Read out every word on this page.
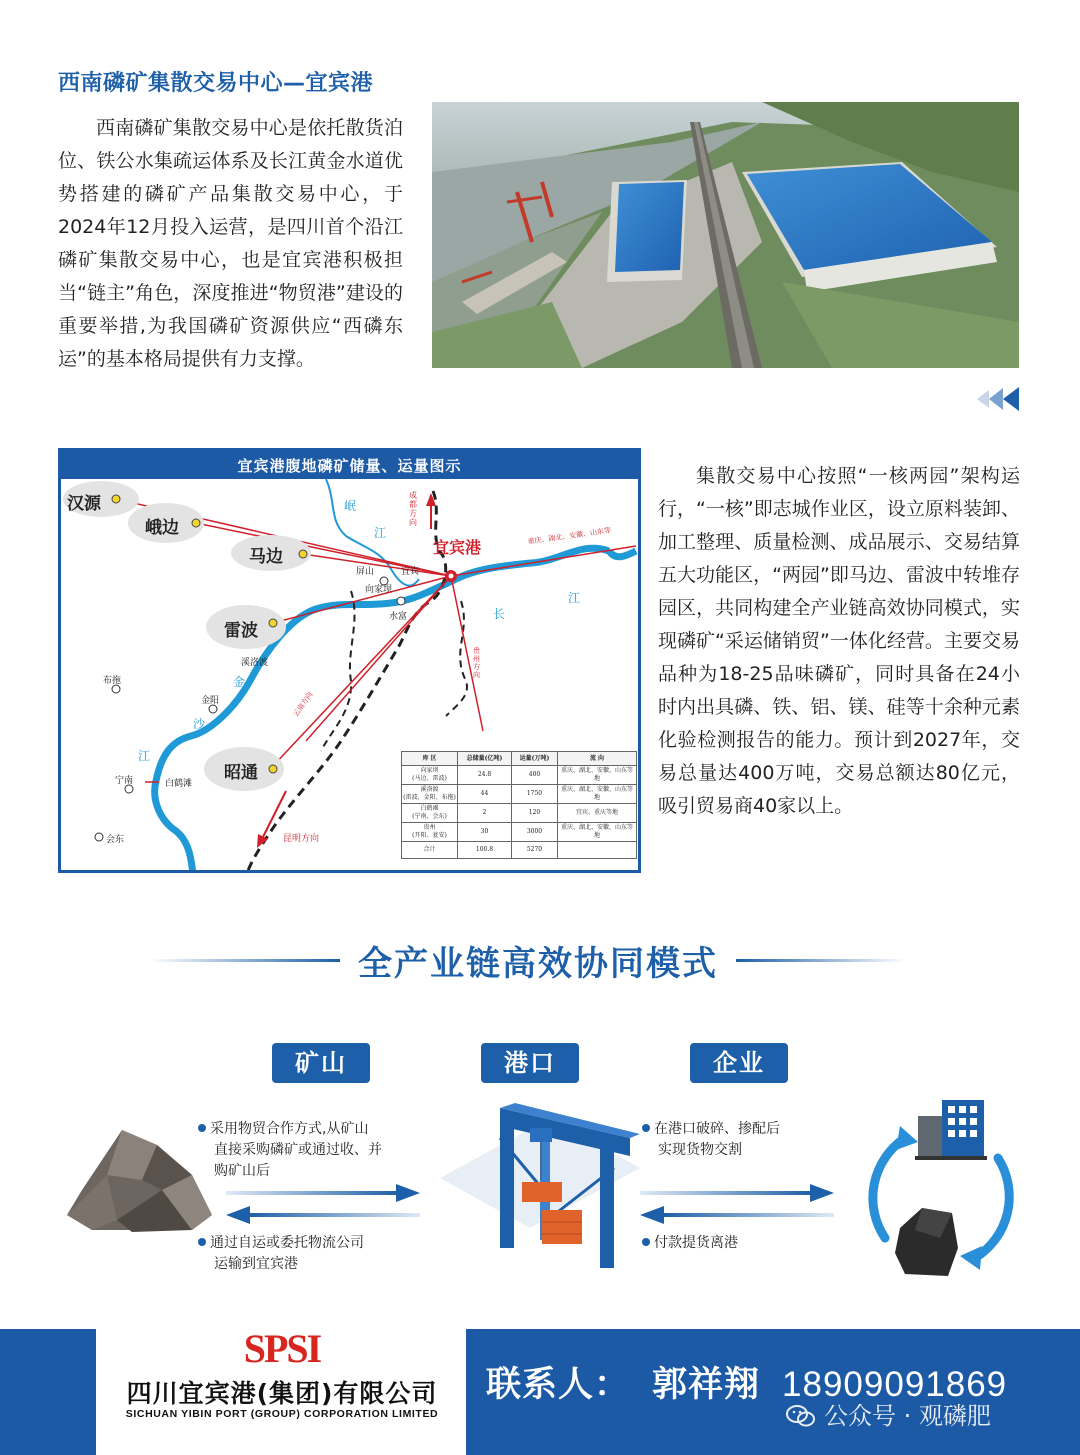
西南磷矿集散交易中心—宜宾港

西南磷矿集散交易中心是依托散货泊位、铁公水集疏运体系及长江黄金水道优势搭建的磷矿产品集散交易中心，于2024年12月投入运营，是四川首个沿江磷矿集散交易中心，也是宜宾港积极担当“链主”角色，深度推进“物贸港”建设的重要举措,为我国磷矿资源供应“西磷东运”的基本格局提供有力支撑。

宜宾港腹地磷矿储量、运量图示
宜宾港
汉源
峨边
马边
雷波
昭通
屏山
向家坝
宜宾
水富
溪洛渡
布拖
金阳
宁南	白鹤滩
会东
岷
江
长
江
金
沙
江
成都方向
重庆、湖北、安徽、山东等
贵州方向
昆明方向
云南方向
库 区	总储量(亿吨)	运量(万吨)	流 向
向家坝
(马边、雷波)	24.8	400	重庆、湖北、安徽、山东等地
溪洛渡
(雷波、金阳、布拖)	44	1750	重庆、湖北、安徽、山东等地
白鹤滩
(宁南、会东)	2	120	宜宾、重庆等地
贵州
(开阳、瓮安)	30	3000	重庆、湖北、安徽、山东等地
合计	100.8	5270	

集散交易中心按照“一核两园”架构运行，“一核”即志城作业区，设立原料装卸、加工整理、质量检测、成品展示、交易结算五大功能区，“两园”即马边、雷波中转堆存园区，共同构建全产业链高效协同模式，实现磷矿“采运储销贸”一体化经营。主要交易品种为18-25品味磷矿，同时具备在24小时内出具磷、铁、铝、镁、硅等十余种元素化验检测报告的能力。预计到2027年，交易总量达400万吨，交易总额达80亿元，吸引贸易商40家以上。

全产业链高效协同模式
矿山	港口	企业
采用物贸合作方式,从矿山
直接采购磷矿或通过收、并
购矿山后
通过自运或委托物流公司
运输到宜宾港
在港口破碎、掺配后
实现货物交割
付款提货离港
SPSI
四川宜宾港(集团)有限公司
SICHUAN YIBIN PORT (GROUP) CORPORATION LIMITED
联系人： 郭祥翔 18909091869
公众号 · 观磷肥
